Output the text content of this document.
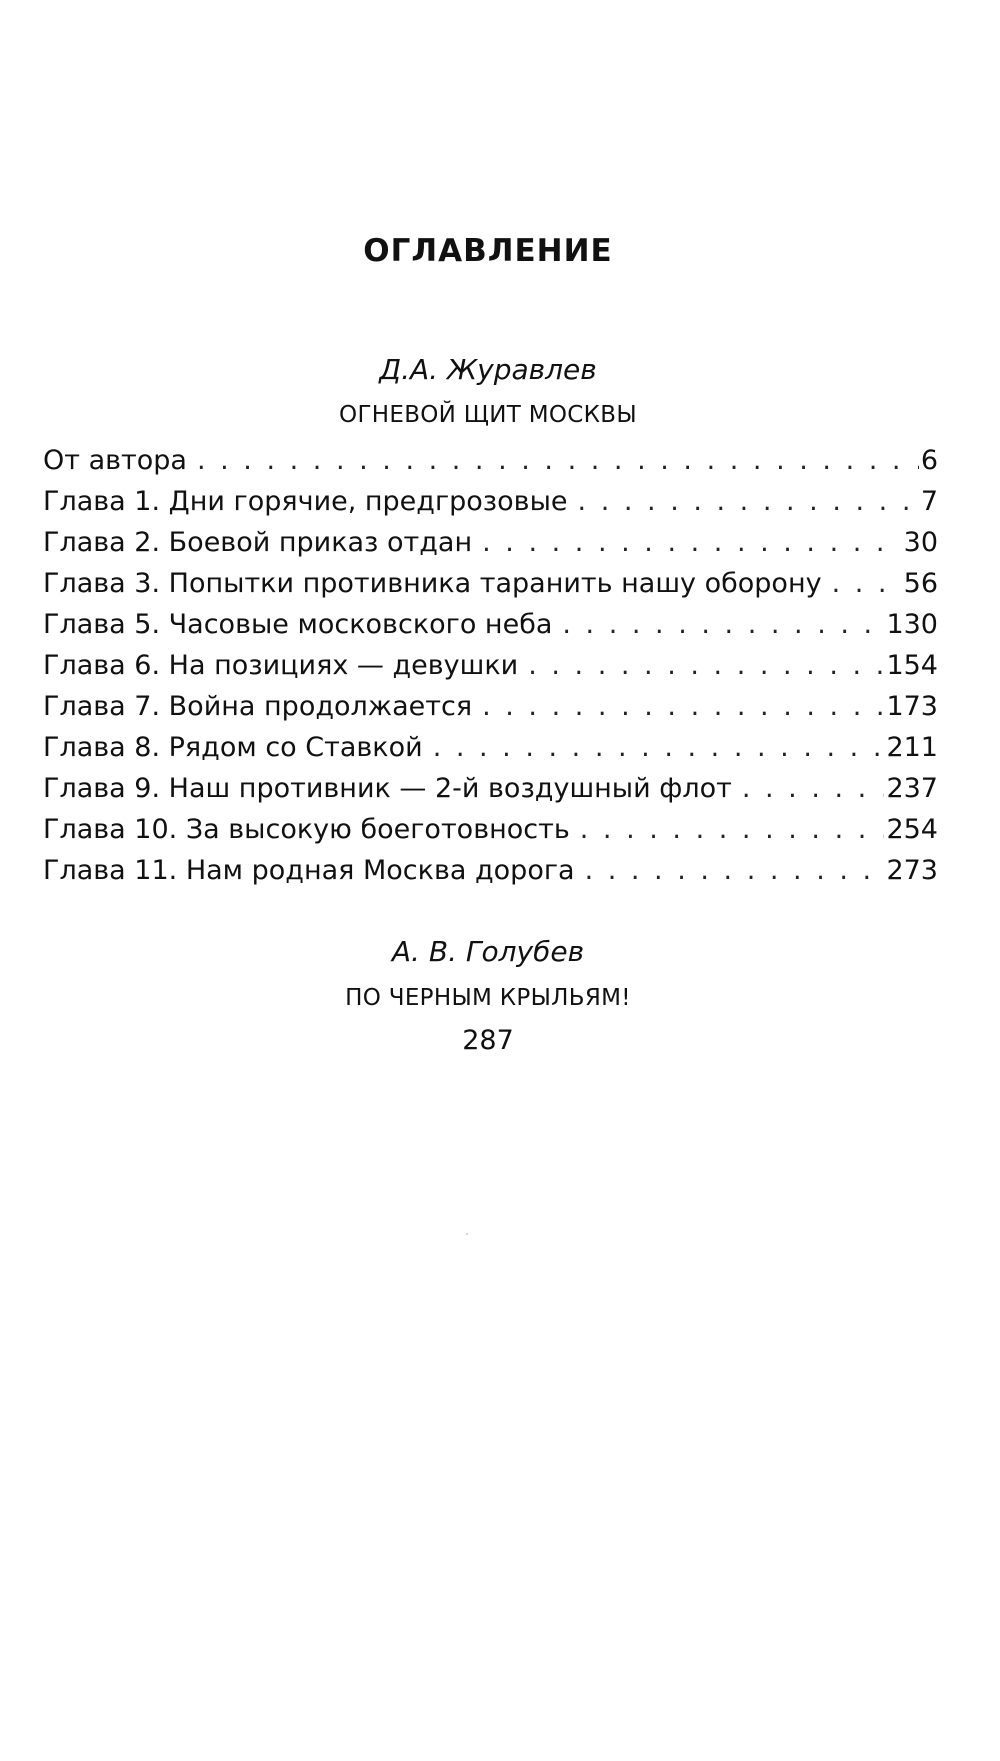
ОГЛАВЛЕНИЕ
Д.А. Журавлев
ОГНЕВОЙ ЩИТ МОСКВЫ
От автора . . .	6
Глава 1. Дни горячие, предгрозовые . . .	7
Глава 2. Боевой приказ отдан . . .	30
Глава 3. Попытки противника таранить нашу оборону . . .	56
Глава 5. Часовые московского неба . . .	130
Глава 6. На позициях — девушки . . .	154
Глава 7. Война продолжается . . .	173
Глава 8. Рядом со Ставкой . . .	211
Глава 9. Наш противник — 2-й воздушный флот . . .	237
Глава 10. За высокую боеготовность . . .	254
Глава 11. Нам родная Москва дорога . . .	273
А. В. Голубев
ПО ЧЕРНЫМ КРЫЛЬЯМ!
287
